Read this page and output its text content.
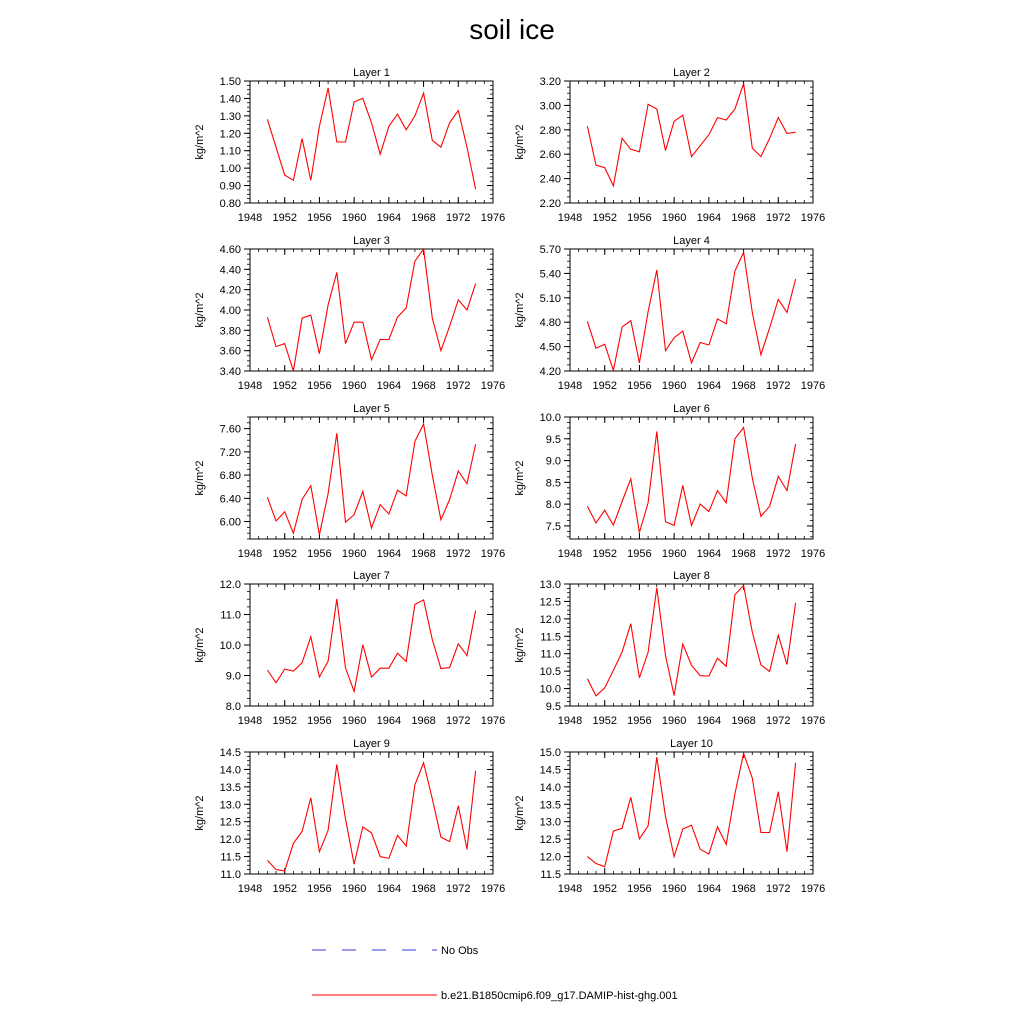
soil ice
Layer 1
kg/m^2
1948 1952 1956 1960 1964 1968 1972 1976
0.80
0.90
1.00
1.10
1.20
1.30
1.40
1.50
Layer 2
kg/m^2
1948 1952 1956 1960 1964 1968 1972 1976
2.20
2.40
2.60
2.80
3.00
3.20
Layer 3
kg/m^2
1948 1952 1956 1960 1964 1968 1972 1976
3.40
3.60
3.80
4.00
4.20
4.40
4.60
Layer 4
kg/m^2
1948 1952 1956 1960 1964 1968 1972 1976
4.20
4.50
4.80
5.10
5.40
5.70
Layer 5
kg/m^2
1948 1952 1956 1960 1964 1968 1972 1976
6.00
6.40
6.80
7.20
7.60
Layer 6
kg/m^2
1948 1952 1956 1960 1964 1968 1972 1976
7.5
8.0
8.5
9.0
9.5
10.0
Layer 7
kg/m^2
1948 1952 1956 1960 1964 1968 1972 1976
8.0
9.0
10.0
11.0
12.0
Layer 8
kg/m^2
1948 1952 1956 1960 1964 1968 1972 1976
9.5
10.0
10.5
11.0
11.5
12.0
12.5
13.0
Layer 9
kg/m^2
1948 1952 1956 1960 1964 1968 1972 1976
11.0
11.5
12.0
12.5
13.0
13.5
14.0
14.5
Layer 10
kg/m^2
1948 1952 1956 1960 1964 1968 1972 1976
11.5
12.0
12.5
13.0
13.5
14.0
14.5
15.0
No Obs
b.e21.B1850cmip6.f09_g17.DAMIP-hist-ghg.001
